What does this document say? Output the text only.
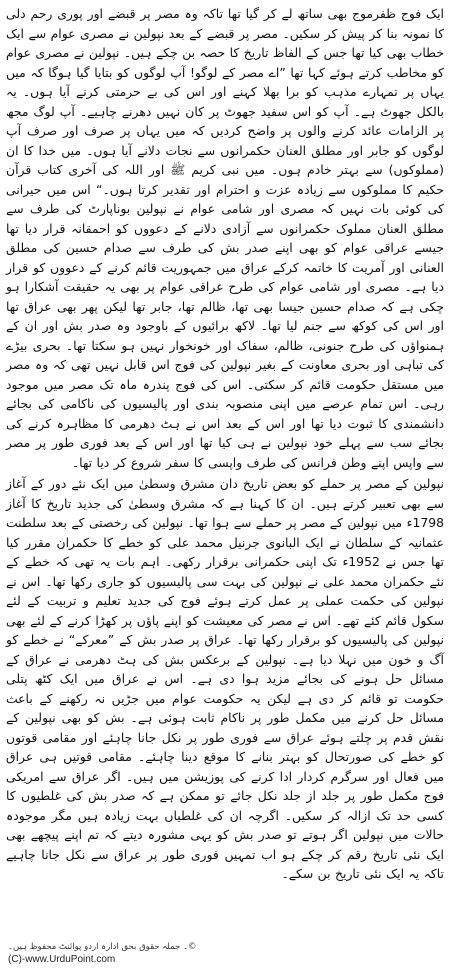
ایک فوج ظفرموج بھی ساتھ لے کر گیا تھا تاکہ وہ مصر پر قبضے اور پوری رحم دلی کا نمونہ بنا کر پیش کر سکیں۔ مصر پر قبضے کے بعد نپولین نے مصری عوام سے ایک خطاب بھی کیا تھا جس کے الفاظ تاریخ کا حصہ بن چکے ہیں۔ نپولین نے مصری عوام کو مخاطب کرتے ہوئے کہا تھا ”اے مصر کے لوگو! آپ لوگوں کو بتایا گیا ہوگا کہ میں یہاں پر تمہارے مذہب کو برا بھلا کہنے اور اس کی بے حرمتی کرنے آیا ہوں۔ یہ بالکل جھوٹ ہے۔ آپ کو اس سفید جھوٹ پر کان نہیں دھرنے چاہیے۔ آپ لوگ مجھ پر الزامات عائد کرنے والوں پر واضح کردیں کہ میں یہاں پر صرف اور صرف آپ لوگوں کو جابر اور مطلق العنان حکمرانوں سے نجات دلانے آیا ہوں۔ میں خدا کا ان (مملوکوں) سے بہتر خادم ہوں۔ میں نبی کریم ﷺ اور اللہ کی آخری کتاب قرآن حکیم کا مملوکوں سے زیادہ عزت و احترام اور تقدیر کرتا ہوں۔“ اس میں حیرانی کی کوئی بات نہیں کہ مصری اور شامی عوام نے نپولین بوناپارٹ کی طرف سے مطلق العنان مملوک حکمرانوں سے آزادی دلانے کے دعووں کو احمقانہ قرار دیا تھا جیسے عراقی عوام کو بھی اپنے صدر بش کی طرف سے صدام حسین کی مطلق العنانی اور آمریت کا خاتمہ کرکے عراق میں جمہوریت قائم کرنے کے دعووں کو قرار دیا ہے۔ مصری اور شامی عوام کی طرح عراقی عوام پر بھی یہ حقیقت آشکارا ہو چکی ہے کہ صدام حسین جیسا بھی تھا، ظالم تھا، جابر تھا لیکن پھر بھی عراق تھا اور اس کی کوکھ سے جنم لیا تھا۔ لاکھ برائیوں کے باوجود وہ صدر بش اور ان کے ہمنواؤں کی طرح جنونی، ظالم، سفاک اور خونخوار نہیں ہو سکتا تھا۔ بحری بیڑے کی تباہی اور بحری معاونت کے بغیر نپولین کی فوج اس قابل نہیں تھی کہ وہ مصر میں مستقل حکومت قائم کر سکتی۔ اس کی فوج پندرہ ماہ تک مصر میں موجود رہی۔ اس تمام عرصے میں اپنی منصوبہ بندی اور پالیسیوں کی ناکامی کی بجائے دانشمندی کا ثبوت دیا تھا اور اس کے بعد اس نے ہٹ دھرمی کا مظاہرہ کرنے کی بجائے سب سے پہلے خود نپولین نے ہی کیا تھا اور اس کے بعد فوری طور پر مصر سے واپس اپنے وطن فرانس کی طرف واپسی کا سفر شروع کر دیا تھا۔

نپولین کے مصر پر حملے کو بعض تاریخ دان مشرق وسطیٰ میں ایک نئے دور کے آغاز سے بھی تعبیر کرتے ہیں۔ ان کا کہنا ہے کہ مشرق وسطیٰ کی جدید تاریخ کا آغاز 1798ء میں نپولین کے مصر پر حملے سے ہوا تھا۔ نپولین کی رخصتی کے بعد سلطنت عثمانیہ کے سلطان نے ایک البانوی جرنیل محمد علی کو خطے کا حکمران مقرر کیا تھا جس نے 1952ء تک اپنی حکمرانی برقرار رکھی۔ اہم بات یہ تھی کہ خطے کے نئے حکمران محمد علی نے نپولین کی بہت سی پالیسیوں کو جاری رکھا تھا۔ اس نے نپولین کی حکمت عملی پر عمل کرتے ہوئے فوج کی جدید تعلیم و تربیت کے لئے سکول قائم کئے تھے۔ اس نے مصر کی معیشت کو اپنے پاؤں پر کھڑا کرنے کے لئے بھی نپولین کی پالیسیوں کو برقرار رکھا تھا۔ عراق پر صدر بش کے ”معرکے“ نے خطے کو آگ و خون میں نہلا دیا ہے۔ نپولین کے برعکس بش کی ہٹ دھرمی نے عراق کے مسائل حل ہونے کی بجائے مزید ہوا دی ہے۔ اس نے عراق میں ایک کٹھ پتلی حکومت تو قائم کر دی ہے لیکن یہ حکومت عوام میں جڑیں نہ رکھنے کے باعث مسائل حل کرنے میں مکمل طور پر ناکام ثابت ہوئی ہے۔ بش کو بھی نپولین کے نقش قدم پر چلتے ہوئے عراق سے فوری طور پر نکل جانا چاہئے اور مقامی قوتوں کو خطے کی صورتحال کو بہتر بنانے کا موقع دینا چاہئے۔ مقامی قوتیں ہی عراق میں فعال اور سرگرم کردار ادا کرنے کی پوزیشن میں ہیں۔ اگر عراق سے امریکی فوج مکمل طور پر جلد از جلد نکل جائے تو ممکن ہے کہ صدر بش کی غلطیوں کا کسی حد تک ازالہ کر سکیں۔ اگرچہ ان کی غلطیاں بہت زیادہ ہیں مگر موجودہ حالات میں نپولین اگر ہوتے تو صدر بش کو یہی مشورہ دیتے کہ تم اپنے پیچھے بھی ایک نئی تاریخ رقم کر چکے ہو اب تمہیں فوری طور پر عراق سے نکل جانا چاہیے تاکہ یہ ایک نئی تاریخ بن سکے۔

©۔ جملہ حقوق بحق ادارہ اردو پوائنٹ محفوظ ہیں۔
(C)-www.UrduPoint.com
